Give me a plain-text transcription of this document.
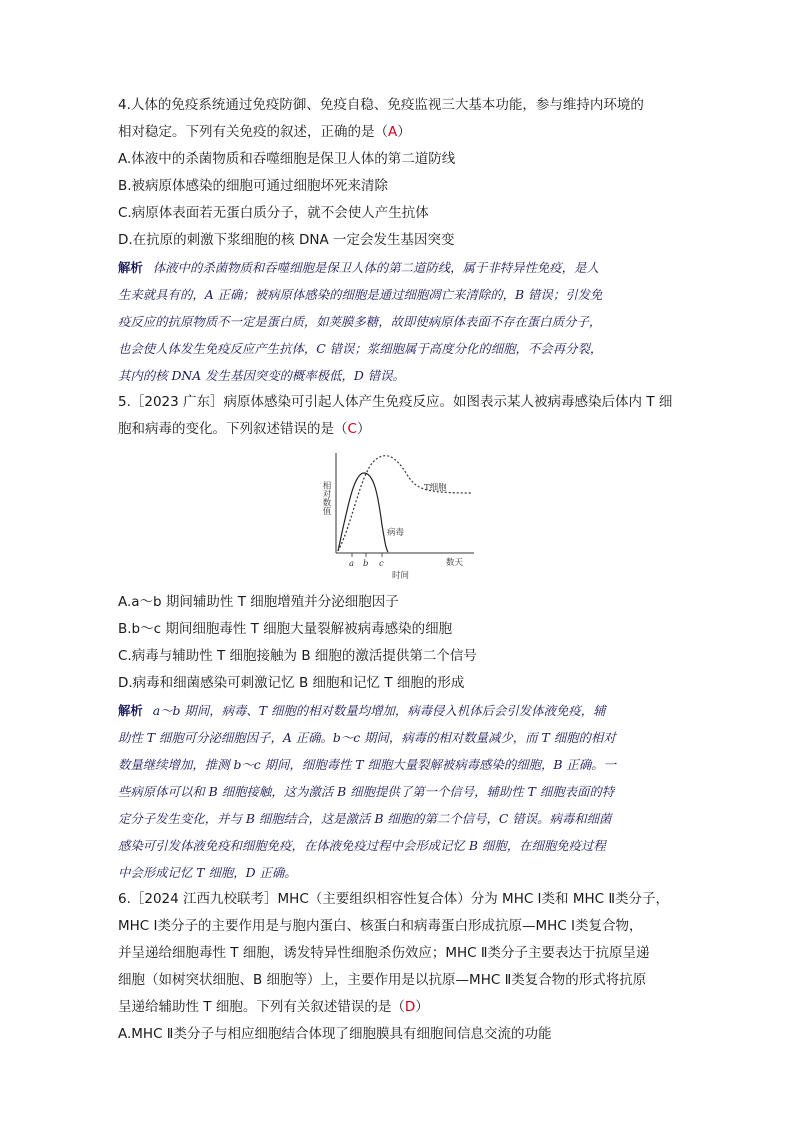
4.人体的免疫系统通过免疫防御、免疫自稳、免疫监视三大基本功能，参与维持内环境的
相对稳定。下列有关免疫的叙述，正确的是（A）
A.体液中的杀菌物质和吞噬细胞是保卫人体的第二道防线
B.被病原体感染的细胞可通过细胞坏死来清除
C.病原体表面若无蛋白质分子，就不会使人产生抗体
D.在抗原的刺激下浆细胞的核 DNA 一定会发生基因突变
解析 体液中的杀菌物质和吞噬细胞是保卫人体的第二道防线，属于非特异性免疫，是人
生来就具有的，A 正确；被病原体感染的细胞是通过细胞凋亡来清除的，B 错误；引发免
疫反应的抗原物质不一定是蛋白质，如荚膜多糖，故即使病原体表面不存在蛋白质分子，
也会使人体发生免疫反应产生抗体，C 错误；浆细胞属于高度分化的细胞，不会再分裂，
其内的核 DNA 发生基因突变的概率极低，D 错误。
5.［2023 广东］病原体感染可引起人体产生免疫反应。如图表示某人被病毒感染后体内 T 细
胞和病毒的变化。下列叙述错误的是（C）
相对数值
a b c
T细胞
病毒
时间
数天
A.a～b 期间辅助性 T 细胞增殖并分泌细胞因子
B.b～c 期间细胞毒性 T 细胞大量裂解被病毒感染的细胞
C.病毒与辅助性 T 细胞接触为 B 细胞的激活提供第二个信号
D.病毒和细菌感染可刺激记忆 B 细胞和记忆 T 细胞的形成
解析 a～b 期间，病毒、T 细胞的相对数量均增加，病毒侵入机体后会引发体液免疫，辅
助性 T 细胞可分泌细胞因子，A 正确。b～c 期间，病毒的相对数量减少，而 T 细胞的相对
数量继续增加，推测 b～c 期间，细胞毒性 T 细胞大量裂解被病毒感染的细胞，B 正确。一
些病原体可以和 B 细胞接触，这为激活 B 细胞提供了第一个信号，辅助性 T 细胞表面的特
定分子发生变化，并与 B 细胞结合，这是激活 B 细胞的第二个信号，C 错误。病毒和细菌
感染可引发体液免疫和细胞免疫，在体液免疫过程中会形成记忆 B 细胞，在细胞免疫过程
中会形成记忆 T 细胞，D 正确。
6.［2024 江西九校联考］MHC（主要组织相容性复合体）分为 MHC Ⅰ类和 MHC Ⅱ类分子，
MHC Ⅰ类分子的主要作用是与胞内蛋白、核蛋白和病毒蛋白形成抗原—MHC Ⅰ类复合物，
并呈递给细胞毒性 T 细胞，诱发特异性细胞杀伤效应；MHC Ⅱ类分子主要表达于抗原呈递
细胞（如树突状细胞、B 细胞等）上，主要作用是以抗原—MHC Ⅱ类复合物的形式将抗原
呈递给辅助性 T 细胞。下列有关叙述错误的是（D）
A.MHC Ⅱ类分子与相应细胞结合体现了细胞膜具有细胞间信息交流的功能
